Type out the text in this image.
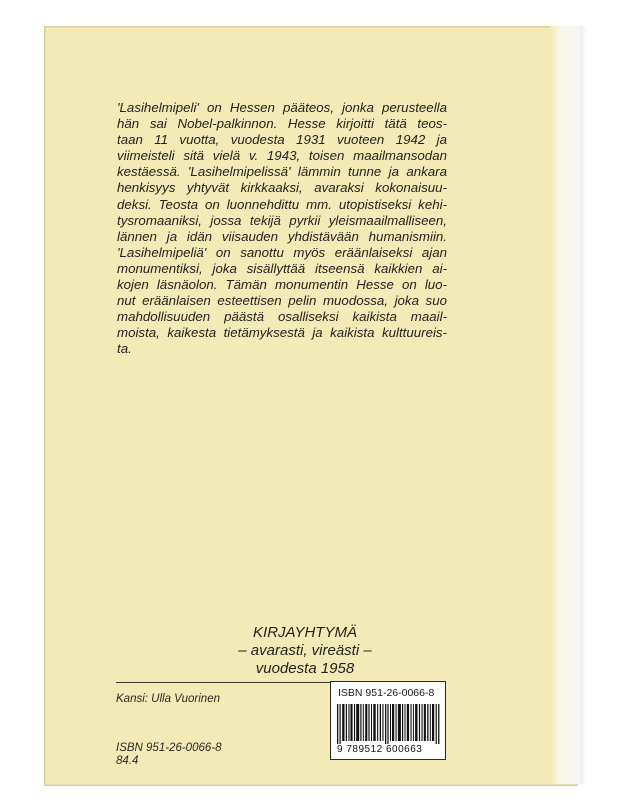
'Lasihelmipeli' on Hessen pääteos, jonka perusteella
hän sai Nobel-palkinnon. Hesse kirjoitti tätä teos-
taan 11 vuotta, vuodesta 1931 vuoteen 1942 ja
viimeisteli sitä vielä v. 1943, toisen maailmansodan
kestäessä. 'Lasihelmipelissä' lämmin tunne ja ankara
henkisyys yhtyvät kirkkaaksi, avaraksi kokonaisuu-
deksi. Teosta on luonnehdittu mm. utopistiseksi kehi-
tysromaaniksi, jossa tekijä pyrkii yleismaailmalliseen,
lännen ja idän viisauden yhdistävään humanismiin.
'Lasihelmipeliä' on sanottu myös eräänlaiseksi ajan
monumentiksi, joka sisällyttää itseensä kaikkien ai-
kojen läsnäolon. Tämän monumentin Hesse on luo-
nut eräänlaisen esteettisen pelin muodossa, joka suo
mahdollisuuden päästä osalliseksi kaikista maail-
moista, kaikesta tietämyksestä ja kaikista kulttuureis-
ta.
KIRJAYHTYMÄ
– avarasti, vireästi –
vuodesta 1958
Kansi: Ulla Vuorinen	ISBN 951-26-0066-8
9 789512 600663
ISBN 951-26-0066-8
84.4
